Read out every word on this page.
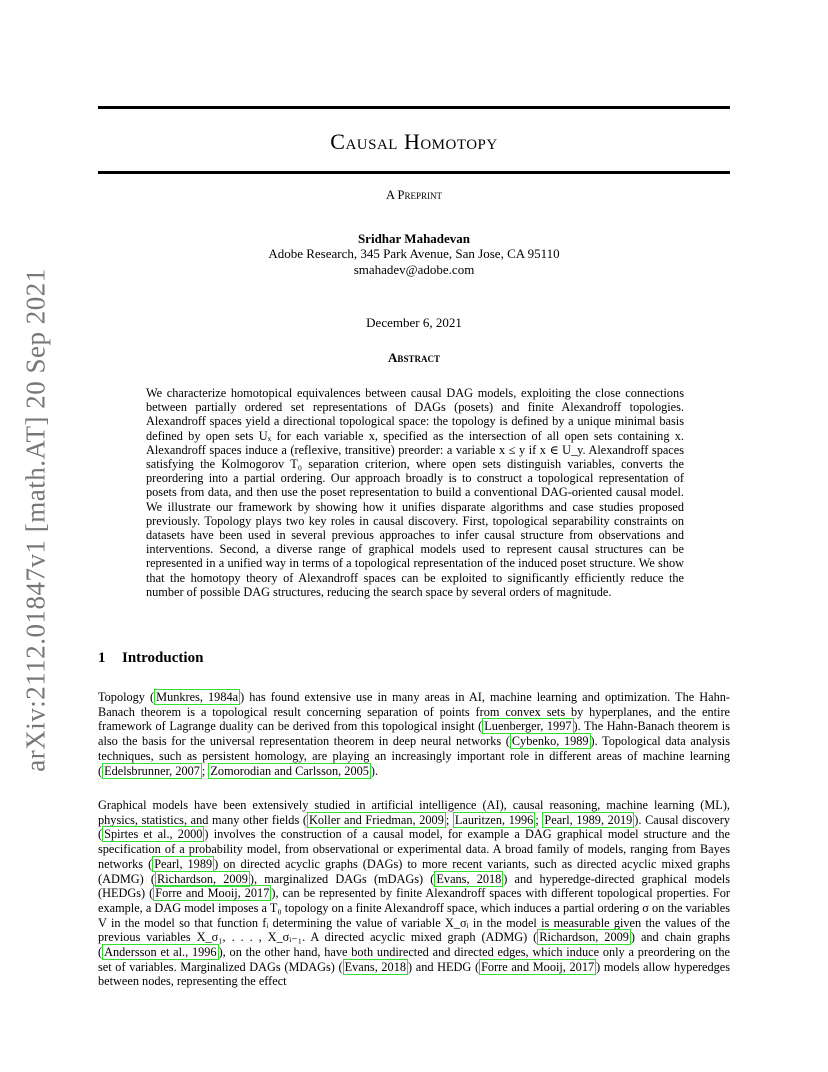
arXiv:2112.01847v1 [math.AT] 20 Sep 2021
Causal Homotopy
A Preprint
Sridhar Mahadevan
Adobe Research, 345 Park Avenue, San Jose, CA 95110
smahadev@adobe.com
December 6, 2021
Abstract

We characterize homotopical equivalences between causal DAG models, exploiting the close connections between partially ordered set representations of DAGs (posets) and finite Alexandroff topologies. Alexandroff spaces yield a directional topological space: the topology is defined by a unique minimal basis defined by open sets Uₓ for each variable x, specified as the intersection of all open sets containing x. Alexandroff spaces induce a (reflexive, transitive) preorder: a variable x ≤ y if x ∈ U_y. Alexandroff spaces satisfying the Kolmogorov T₀ separation criterion, where open sets distinguish variables, converts the preordering into a partial ordering. Our approach broadly is to construct a topological representation of posets from data, and then use the poset representation to build a conventional DAG-oriented causal model. We illustrate our framework by showing how it unifies disparate algorithms and case studies proposed previously. Topology plays two key roles in causal discovery. First, topological separability constraints on datasets have been used in several previous approaches to infer causal structure from observations and interventions. Second, a diverse range of graphical models used to represent causal structures can be represented in a unified way in terms of a topological representation of the induced poset structure. We show that the homotopy theory of Alexandroff spaces can be exploited to significantly efficiently reduce the number of possible DAG structures, reducing the search space by several orders of magnitude.

1 Introduction

Topology ( Munkres, 1984a ) has found extensive use in many areas in AI, machine learning and optimization. The Hahn-Banach theorem is a topological result concerning separation of points from convex sets by hyperplanes, and the entire framework of Lagrange duality can be derived from this topological insight ( Luenberger, 1997 ). The Hahn-Banach theorem is also the basis for the universal representation theorem in deep neural networks ( Cybenko, 1989 ). Topological data analysis techniques, such as persistent homology, are playing an increasingly important role in different areas of machine learning ( Edelsbrunner, 2007 ; Zomorodian and Carlsson, 2005 ).

Graphical models have been extensively studied in artificial intelligence (AI), causal reasoning, machine learning (ML), physics, statistics, and many other fields ( Koller and Friedman, 2009 ; Lauritzen, 1996 ; Pearl, 1989, 2019 ). Causal discovery ( Spirtes et al., 2000 ) involves the construction of a causal model, for example a DAG graphical model structure and the specification of a probability model, from observational or experimental data. A broad family of models, ranging from Bayes networks ( Pearl, 1989 ) on directed acyclic graphs (DAGs) to more recent variants, such as directed acyclic mixed graphs (ADMG) ( Richardson, 2009 ), marginalized DAGs (mDAGs) ( Evans, 2018 ) and hyperedge-directed graphical models (HEDGs) ( Forre and Mooij, 2017 ), can be represented by finite Alexandroff spaces with different topological properties. For example, a DAG model imposes a T₀ topology on a finite Alexandroff space, which induces a partial ordering σ on the variables V in the model so that function fᵢ determining the value of variable X_σᵢ in the model is measurable given the values of the previous variables X_σ₁, . . . , X_σᵢ₋₁. A directed acyclic mixed graph (ADMG) ( Richardson, 2009 ) and chain graphs ( Andersson et al., 1996 ), on the other hand, have both undirected and directed edges, which induce only a preordering on the set of variables. Marginalized DAGs (MDAGs) ( Evans, 2018 ) and HEDG ( Forre and Mooij, 2017 ) models allow hyperedges between nodes, representing the effect
